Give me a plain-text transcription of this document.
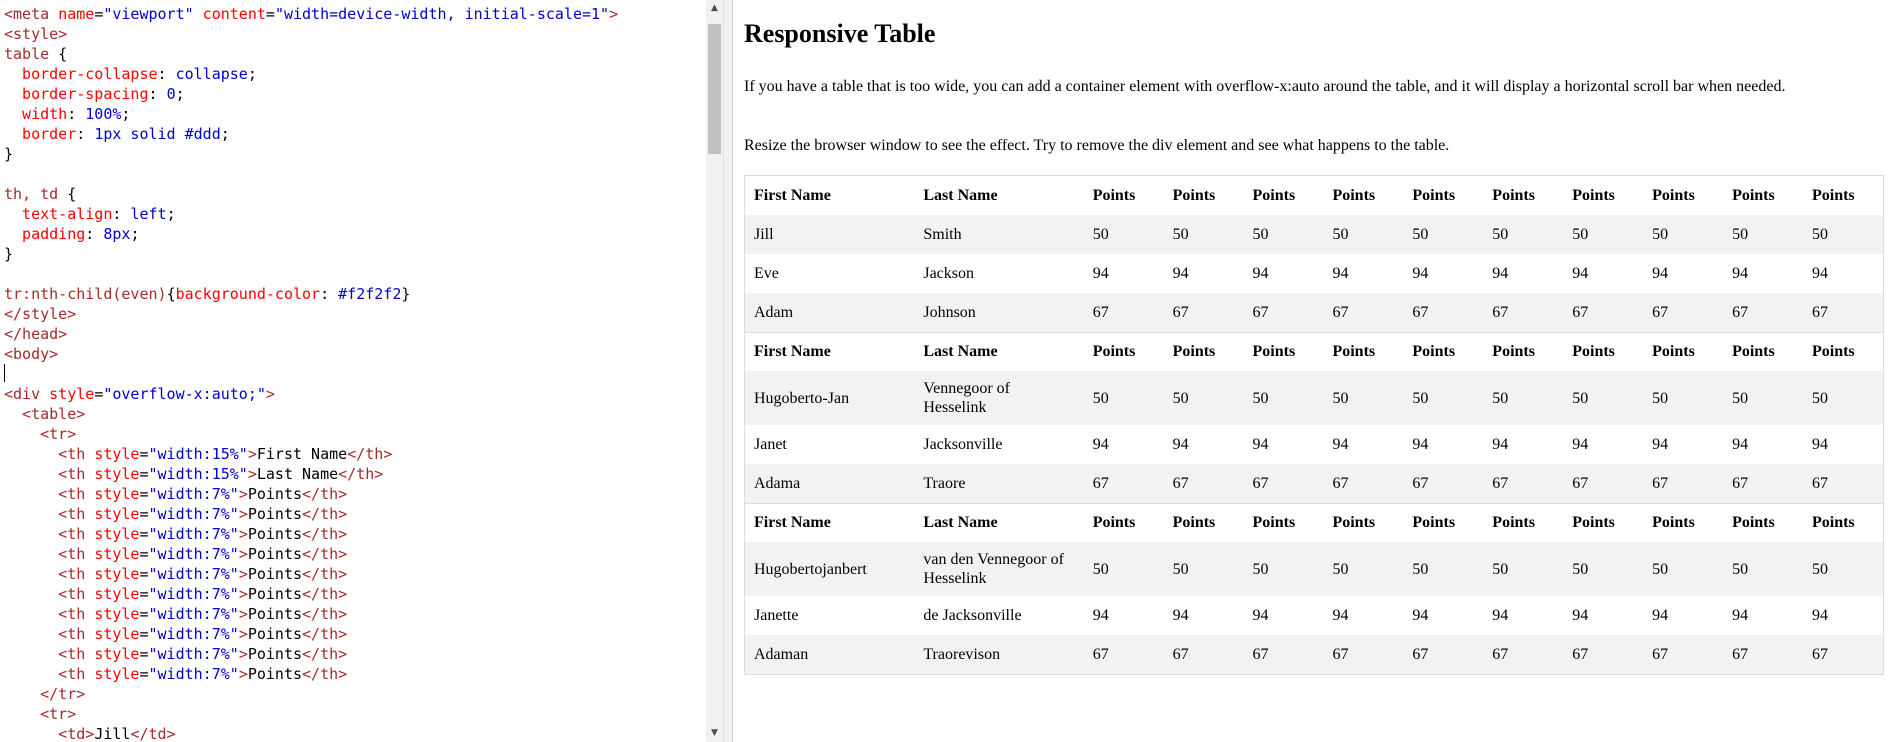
<meta name="viewport" content="width=device-width, initial-scale=1">
<style>
table {
border-collapse: collapse;
border-spacing: 0;
width: 100%;
border: 1px solid #ddd;
}

th, td {
text-align: left;
padding: 8px;
}

tr:nth-child(even){background-color: #f2f2f2}
</style>
</head>
<body>

<div style="overflow-x:auto;">
<table>
<tr>
<th style="width:15%">First Name</th>
<th style="width:15%">Last Name</th>
<th style="width:7%">Points</th>
<th style="width:7%">Points</th>
<th style="width:7%">Points</th>
<th style="width:7%">Points</th>
<th style="width:7%">Points</th>
<th style="width:7%">Points</th>
<th style="width:7%">Points</th>
<th style="width:7%">Points</th>
<th style="width:7%">Points</th>
<th style="width:7%">Points</th>
</tr>
<tr>
<td>Jill</td>
▲
▼
Responsive Table

If you have a table that is too wide, you can add a container element with overflow-x:auto around the table, and it will display a horizontal scroll bar when needed.

Resize the browser window to see the effect. Try to remove the div element and see what happens to the table.

First Name	Last Name	Points	Points	Points	Points	Points	Points	Points	Points	Points	Points
Jill	Smith	50	50	50	50	50	50	50	50	50	50
Eve	Jackson	94	94	94	94	94	94	94	94	94	94
Adam	Johnson	67	67	67	67	67	67	67	67	67	67
First Name	Last Name	Points	Points	Points	Points	Points	Points	Points	Points	Points	Points
Hugoberto-Jan	Vennegoor of Hesselink	50	50	50	50	50	50	50	50	50	50
Janet	Jacksonville	94	94	94	94	94	94	94	94	94	94
Adama	Traore	67	67	67	67	67	67	67	67	67	67
First Name	Last Name	Points	Points	Points	Points	Points	Points	Points	Points	Points	Points
Hugobertojanbert	van den Vennegoor of Hesselink	50	50	50	50	50	50	50	50	50	50
Janette	de Jacksonville	94	94	94	94	94	94	94	94	94	94
Adaman	Traorevison	67	67	67	67	67	67	67	67	67	67
